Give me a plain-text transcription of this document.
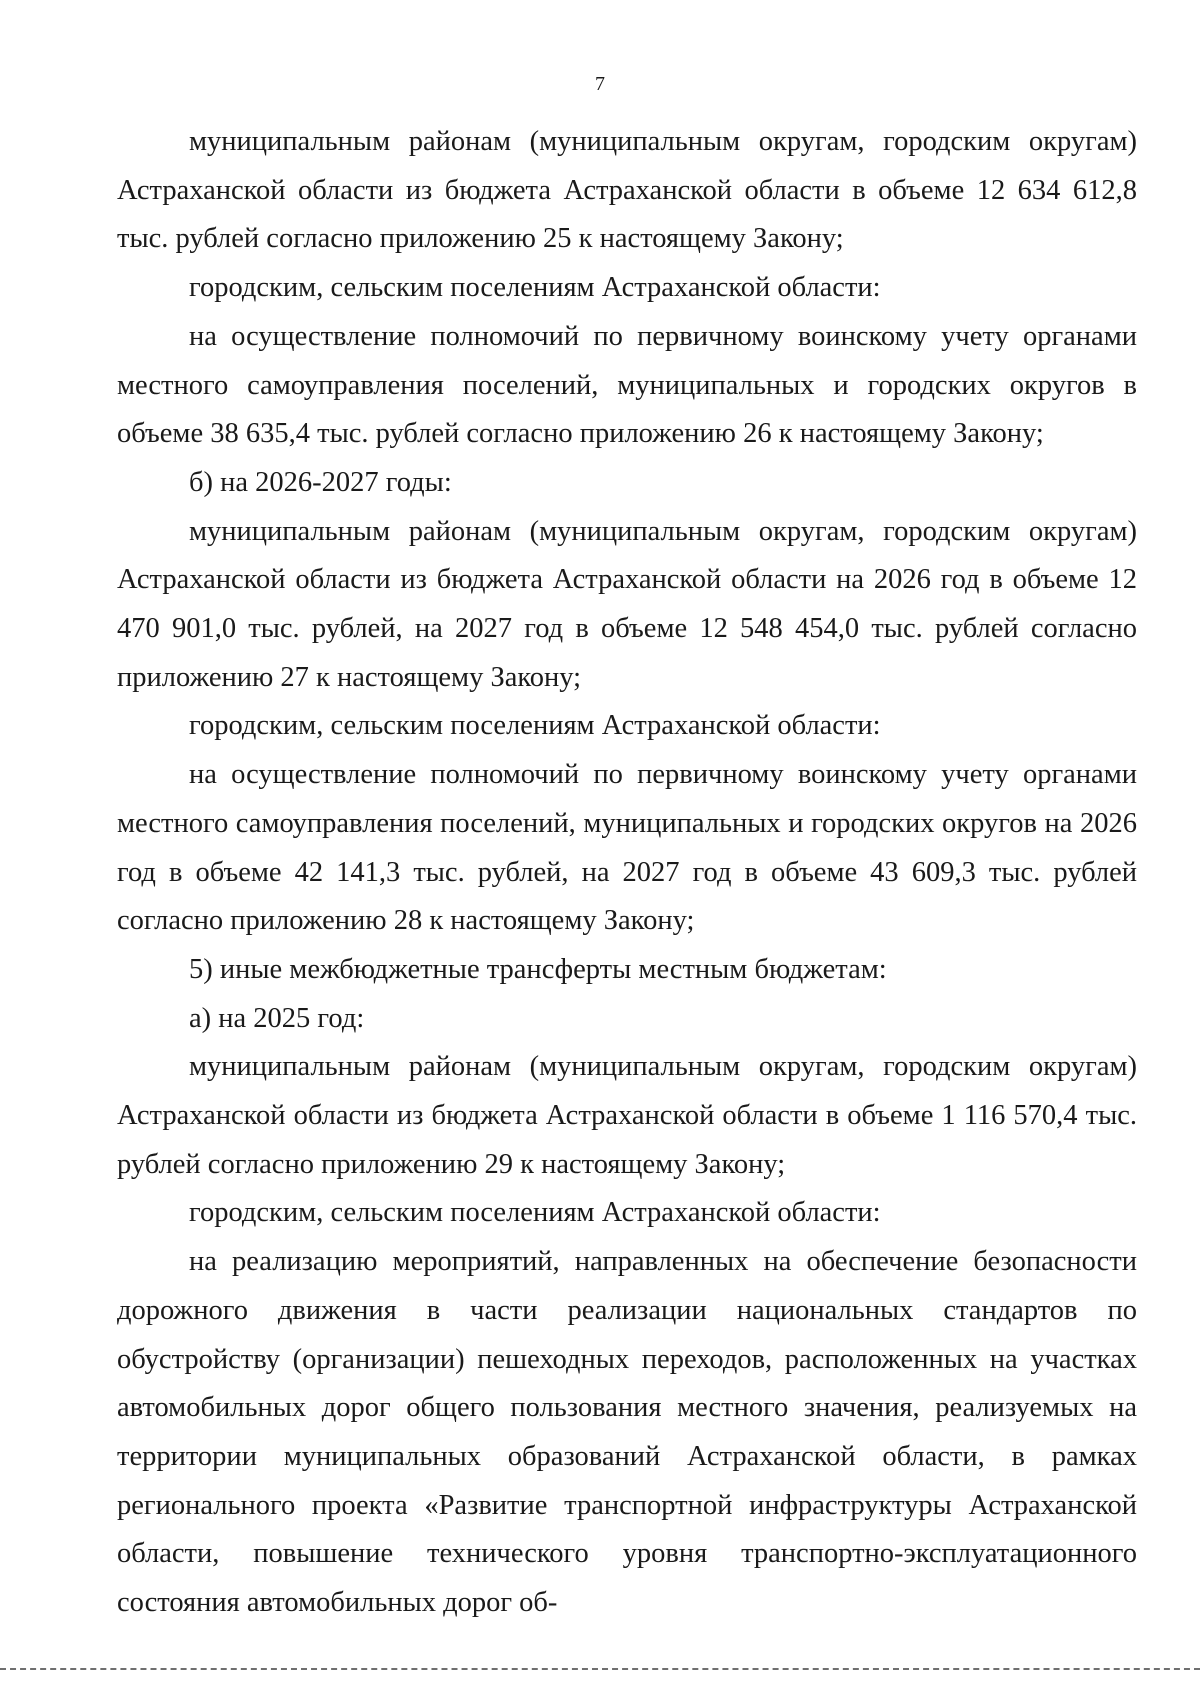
7

муниципальным районам (муниципальным округам, городским округам) Астраханской области из бюджета Астраханской области в объеме 12 634 612,8 тыс. рублей согласно приложению 25 к настоящему Закону;

городским, сельским поселениям Астраханской области:

на осуществление полномочий по первичному воинскому учету органами местного самоуправления поселений, муниципальных и городских округов в объеме 38 635,4 тыс. рублей согласно приложению 26 к настоящему Закону;

б) на 2026-2027 годы:

муниципальным районам (муниципальным округам, городским округам) Астраханской области из бюджета Астраханской области на 2026 год в объеме 12 470 901,0 тыс. рублей, на 2027 год в объеме 12 548 454,0 тыс. рублей согласно приложению 27 к настоящему Закону;

городским, сельским поселениям Астраханской области:

на осуществление полномочий по первичному воинскому учету органами местного самоуправления поселений, муниципальных и городских округов на 2026 год в объеме 42 141,3 тыс. рублей, на 2027 год в объеме 43 609,3 тыс. рублей согласно приложению 28 к настоящему Закону;

5) иные межбюджетные трансферты местным бюджетам:

а) на 2025 год:

муниципальным районам (муниципальным округам, городским округам) Астраханской области из бюджета Астраханской области в объеме 1 116 570,4 тыс. рублей согласно приложению 29 к настоящему Закону;

городским, сельским поселениям Астраханской области:

на реализацию мероприятий, направленных на обеспечение безопасности дорожного движения в части реализации национальных стандартов по обустройству (организации) пешеходных переходов, расположенных на участках автомобильных дорог общего пользования местного значения, реализуемых на территории муниципальных образований Астраханской области, в рамках регионального проекта «Развитие транспортной инфраструктуры Астраханской области, повышение технического уровня транспортно-эксплуатационного состояния автомобильных дорог об-
